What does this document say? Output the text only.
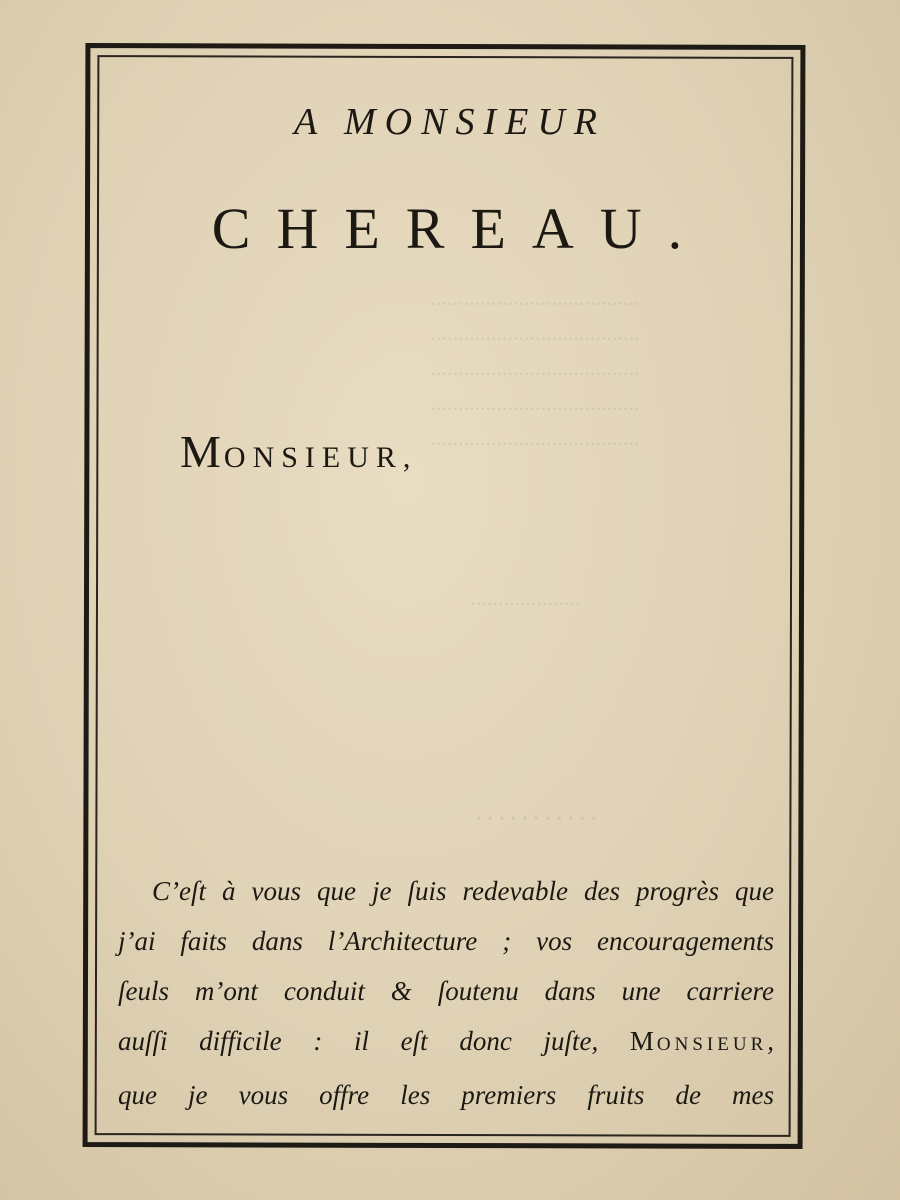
......................................
......................................
......................................
......................................
......................................
....................
...........
A MONSIEUR
CHEREAU.
MONSIEUR,
C’eſt à vous que je ſuis redevable des progrès que
j’ai faits dans l’Architecture ; vos encouragements
ſeuls m’ont conduit & ſoutenu dans une carriere
auſſi difficile : il eſt donc juſte, MONSIEUR,
que je vous offre les premiers fruits de mes
